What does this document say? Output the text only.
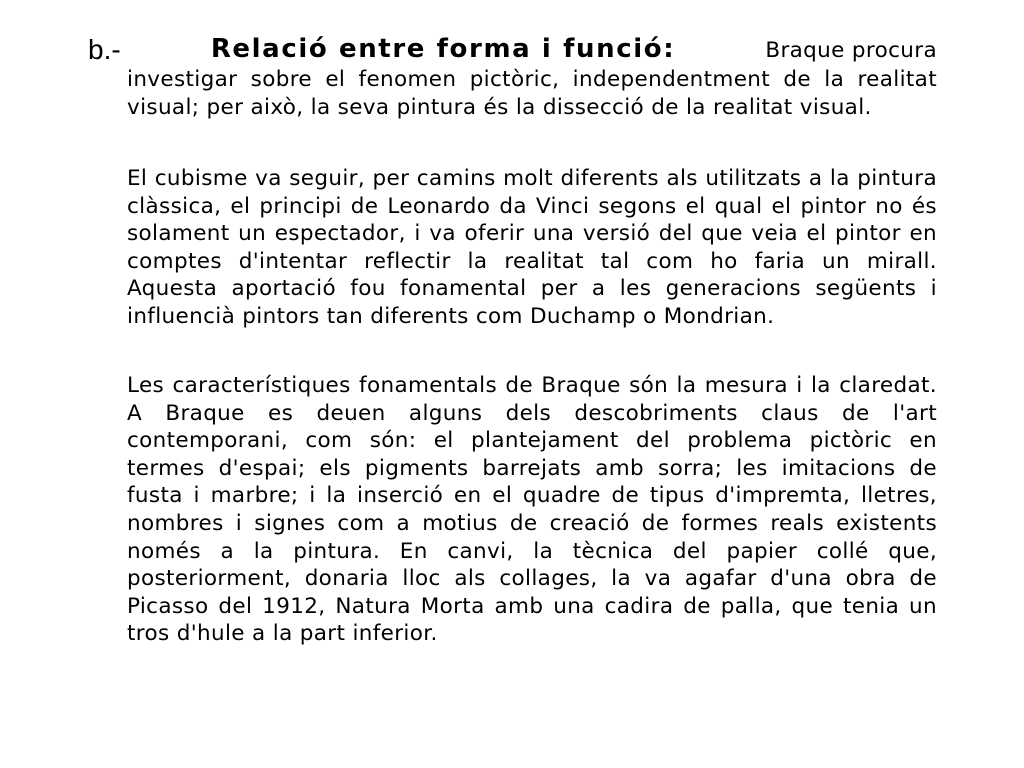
b.-	Relació entre forma i funció:	Braque procura
investigar sobre el fenomen pictòric, independentment de la realitat visual; per això, la seva pintura és la dissecció de la realitat visual.
El cubisme va seguir, per camins molt diferents als utilitzats a la pintura clàssica, el principi de Leonardo da Vinci segons el qual el pintor no és solament un espectador, i va oferir una versió del que veia el pintor en comptes d'intentar reflectir la realitat tal com ho faria un mirall. Aquesta aportació fou fonamental per a les generacions següents i influencià pintors tan diferents com Duchamp o Mondrian.
Les característiques fonamentals de Braque són la mesura i la claredat. A Braque es deuen alguns dels descobriments claus de l'art contemporani, com són: el plantejament del problema pictòric en termes d'espai; els pigments barrejats amb sorra; les imitacions de fusta i marbre; i la inserció en el quadre de tipus d'impremta, lletres, nombres i signes com a motius de creació de formes reals existents només a la pintura. En canvi, la tècnica del papier collé que, posteriorment, donaria lloc als collages, la va agafar d'una obra de Picasso del 1912, Natura Morta amb una cadira de palla, que tenia un tros d'hule a la part inferior.
